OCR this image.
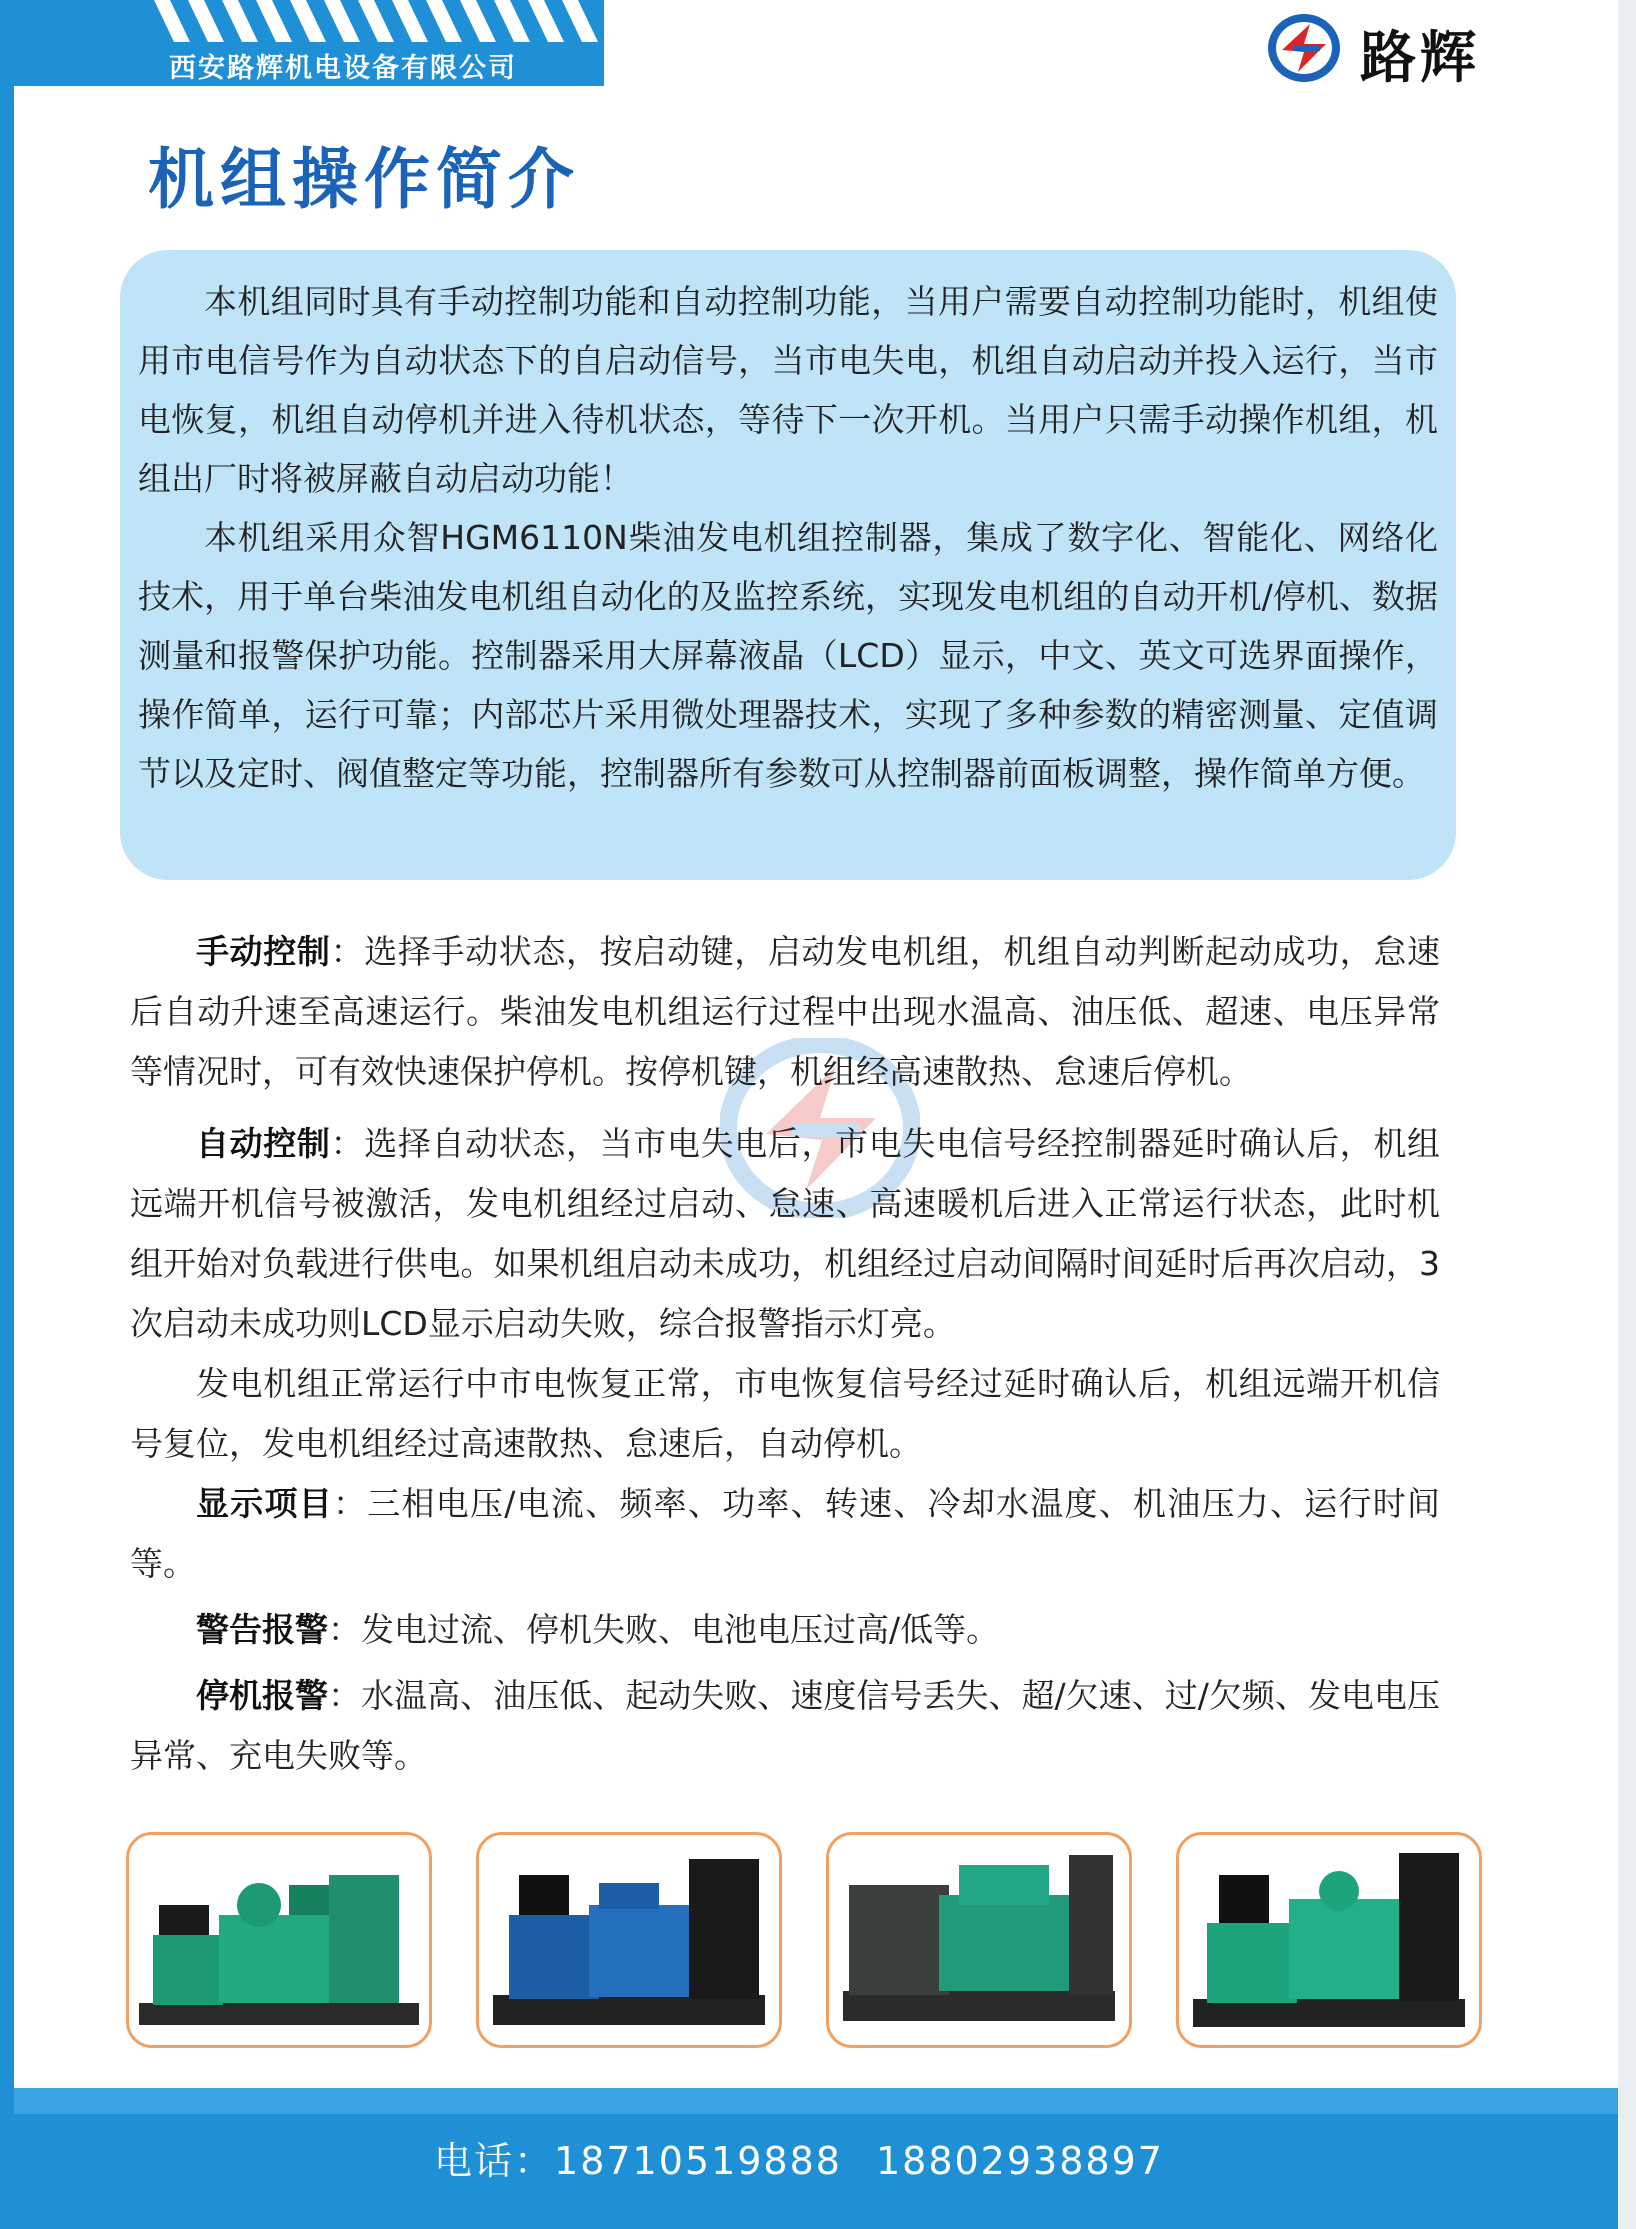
西安路辉机电设备有限公司	路辉
机组操作简介

本机组同时具有手动控制功能和自动控制功能，当用户需要自动控制功能时，机组使用市电信号作为自动状态下的自启动信号，当市电失电，机组自动启动并投入运行，当市电恢复，机组自动停机并进入待机状态，等待下一次开机。当用户只需手动操作机组，机组出厂时将被屏蔽自动启动功能！

本机组采用众智HGM6110N柴油发电机组控制器，集成了数字化、智能化、网络化技术，用于单台柴油发电机组自动化的及监控系统，实现发电机组的自动开机/停机、数据测量和报警保护功能。控制器采用大屏幕液晶（LCD）显示，中文、英文可选界面操作，操作简单，运行可靠；内部芯片采用微处理器技术，实现了多种参数的精密测量、定值调节以及定时、阀值整定等功能，控制器所有参数可从控制器前面板调整，操作简单方便。

手动控制：选择手动状态，按启动键，启动发电机组，机组自动判断起动成功，怠速后自动升速至高速运行。柴油发电机组运行过程中出现水温高、油压低、超速、电压异常等情况时，可有效快速保护停机。按停机键，机组经高速散热、怠速后停机。

自动控制：选择自动状态，当市电失电后，市电失电信号经控制器延时确认后，机组远端开机信号被激活，发电机组经过启动、怠速、高速暖机后进入正常运行状态，此时机组开始对负载进行供电。如果机组启动未成功，机组经过启动间隔时间延时后再次启动，3次启动未成功则LCD显示启动失败，综合报警指示灯亮。

发电机组正常运行中市电恢复正常，市电恢复信号经过延时确认后，机组远端开机信号复位，发电机组经过高速散热、怠速后，自动停机。

显示项目：三相电压/电流、频率、功率、转速、冷却水温度、机油压力、运行时间等。

警告报警：发电过流、停机失败、电池电压过高/低等。

停机报警：水温高、油压低、起动失败、速度信号丢失、超/欠速、过/欠频、发电电压异常、充电失败等。

电话：18710519888 18802938897
